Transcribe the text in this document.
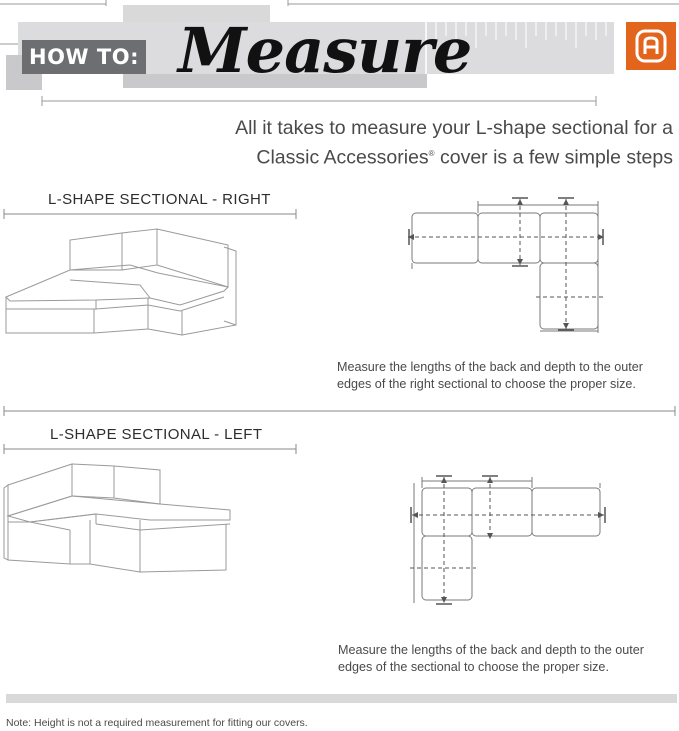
HOW TO: Measure
All it takes to measure your L-shape sectional for a
Classic Accessories® cover is a few simple steps
L-SHAPE SECTIONAL - RIGHT
Measure the lengths of the back and depth to the outer
edges of the right sectional to choose the proper size.
L-SHAPE SECTIONAL - LEFT
Measure the lengths of the back and depth to the outer
edges of the sectional to choose the proper size.
Note: Height is not a required measurement for fitting our covers.
